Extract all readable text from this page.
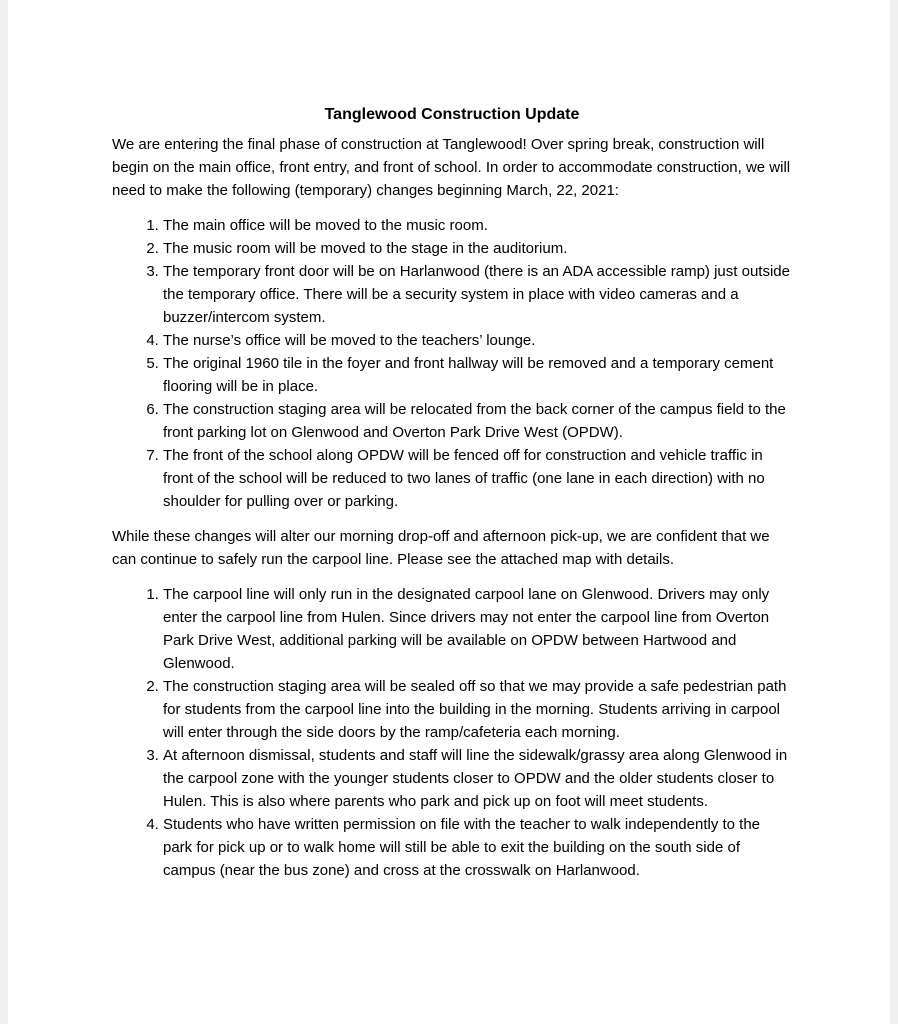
Tanglewood Construction Update

We are entering the final phase of construction at Tanglewood! Over spring break, construction will begin on the main office, front entry, and front of school. In order to accommodate construction, we will need to make the following (temporary) changes beginning March, 22, 2021:

1. The main office will be moved to the music room.
2. The music room will be moved to the stage in the auditorium.
3. The temporary front door will be on Harlanwood (there is an ADA accessible ramp) just outside the temporary office. There will be a security system in place with video cameras and a buzzer/intercom system.
4. The nurse’s office will be moved to the teachers’ lounge.
5. The original 1960 tile in the foyer and front hallway will be removed and a temporary cement flooring will be in place.
6. The construction staging area will be relocated from the back corner of the campus field to the front parking lot on Glenwood and Overton Park Drive West (OPDW).
7. The front of the school along OPDW will be fenced off for construction and vehicle traffic in front of the school will be reduced to two lanes of traffic (one lane in each direction) with no shoulder for pulling over or parking.

While these changes will alter our morning drop-off and afternoon pick-up, we are confident that we can continue to safely run the carpool line. Please see the attached map with details.

1. The carpool line will only run in the designated carpool lane on Glenwood. Drivers may only enter the carpool line from Hulen. Since drivers may not enter the carpool line from Overton Park Drive West, additional parking will be available on OPDW between Hartwood and Glenwood.
2. The construction staging area will be sealed off so that we may provide a safe pedestrian path for students from the carpool line into the building in the morning. Students arriving in carpool will enter through the side doors by the ramp/cafeteria each morning.
3. At afternoon dismissal, students and staff will line the sidewalk/grassy area along Glenwood in the carpool zone with the younger students closer to OPDW and the older students closer to Hulen. This is also where parents who park and pick up on foot will meet students.
4. Students who have written permission on file with the teacher to walk independently to the park for pick up or to walk home will still be able to exit the building on the south side of campus (near the bus zone) and cross at the crosswalk on Harlanwood.
